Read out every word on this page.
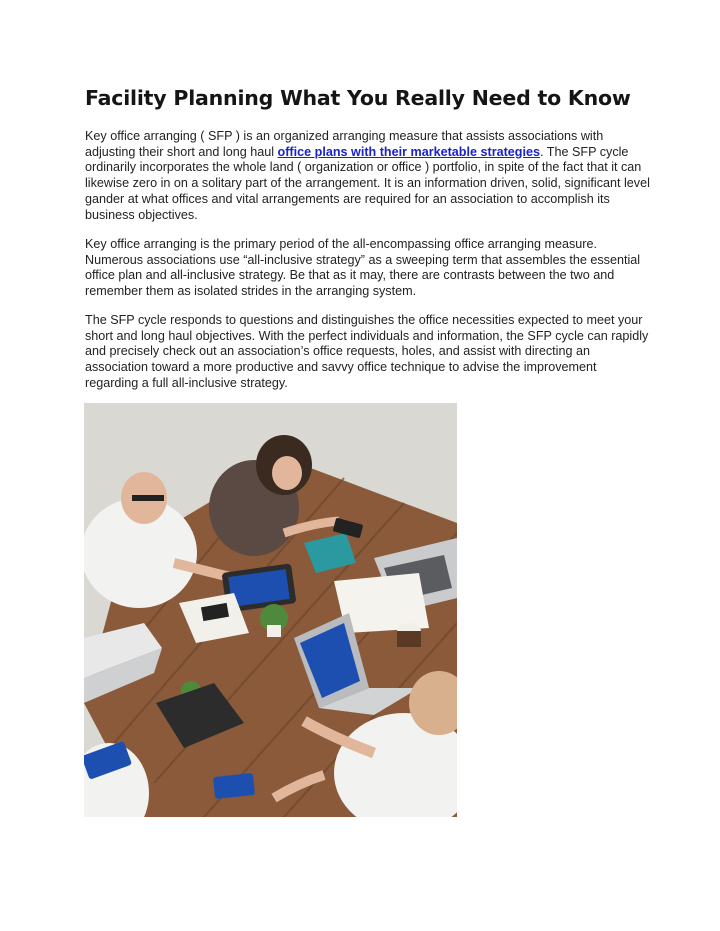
Facility Planning What You Really Need to Know

Key office arranging ( SFP ) is an organized arranging measure that assists associations with adjusting their short and long haul office plans with their marketable strategies. The SFP cycle ordinarily incorporates the whole land ( organization or office ) portfolio, in spite of the fact that it can likewise zero in on a solitary part of the arrangement. It is an information driven, solid, significant level gander at what offices and vital arrangements are required for an association to accomplish its business objectives.

Key office arranging is the primary period of the all-encompassing office arranging measure. Numerous associations use “all-inclusive strategy” as a sweeping term that assembles the essential office plan and all-inclusive strategy. Be that as it may, there are contrasts between the two and remember them as isolated strides in the arranging system.

The SFP cycle responds to questions and distinguishes the office necessities expected to meet your short and long haul objectives. With the perfect individuals and information, the SFP cycle can rapidly and precisely check out an association’s office requests, holes, and assist with directing an association toward a more productive and savvy office technique to advise the improvement regarding a full all-inclusive strategy.
